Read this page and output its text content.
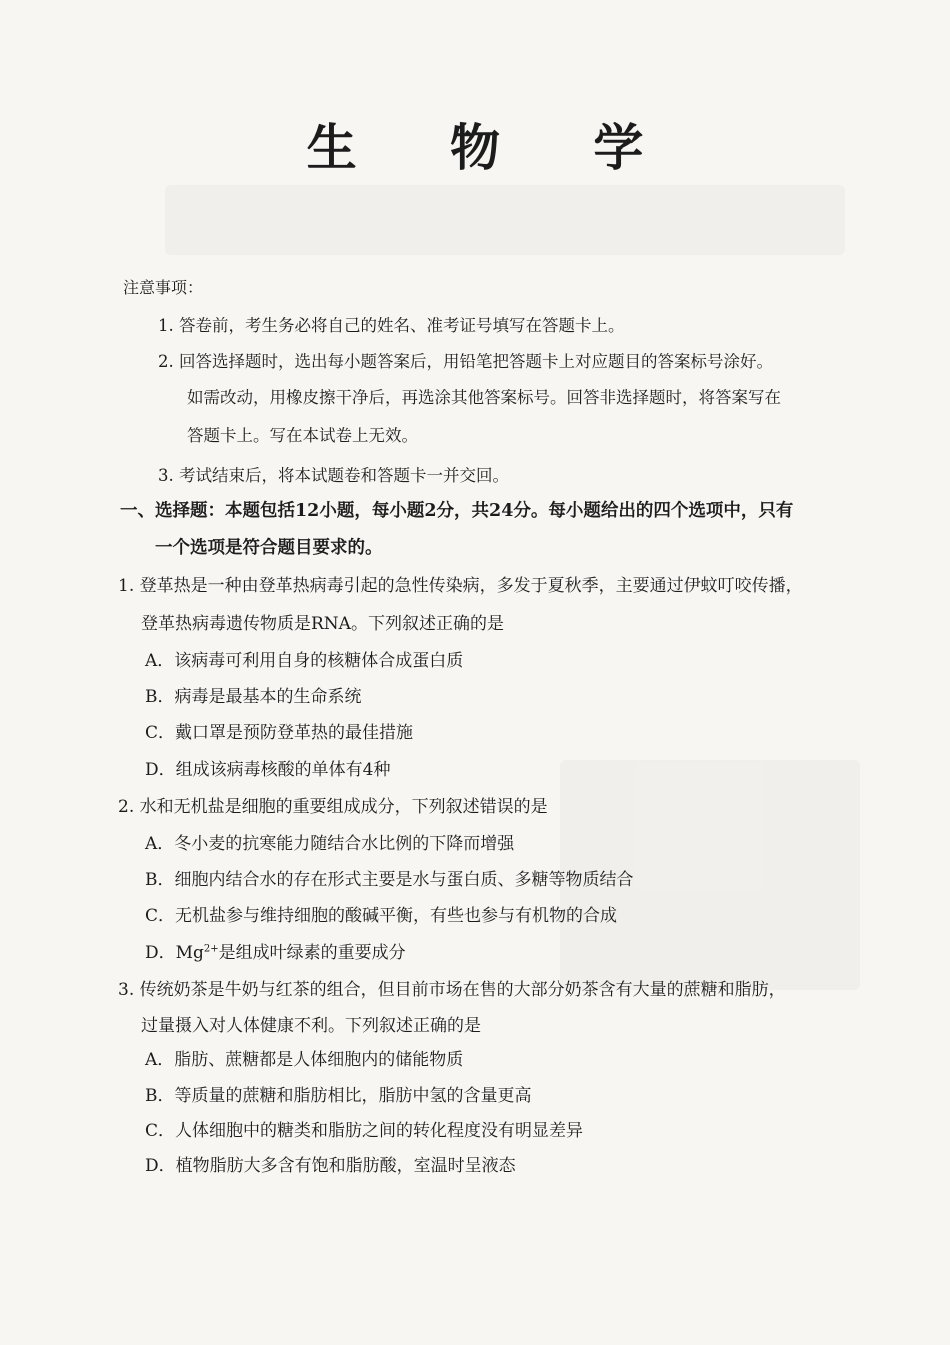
生 物 学
注意事项：
1. 答卷前，考生务必将自己的姓名、准考证号填写在答题卡上。
2. 回答选择题时，选出每小题答案后，用铅笔把答题卡上对应题目的答案标号涂好。
如需改动，用橡皮擦干净后，再选涂其他答案标号。回答非选择题时，将答案写在
答题卡上。写在本试卷上无效。
3. 考试结束后，将本试题卷和答题卡一并交回。
一、选择题：本题包括12小题，每小题2分，共24分。每小题给出的四个选项中，只有
一个选项是符合题目要求的。
1. 登革热是一种由登革热病毒引起的急性传染病，多发于夏秋季，主要通过伊蚊叮咬传播，
登革热病毒遗传物质是RNA。下列叙述正确的是
A．该病毒可利用自身的核糖体合成蛋白质
B．病毒是最基本的生命系统
C．戴口罩是预防登革热的最佳措施
D．组成该病毒核酸的单体有4种
2. 水和无机盐是细胞的重要组成成分，下列叙述错误的是
A．冬小麦的抗寒能力随结合水比例的下降而增强
B．细胞内结合水的存在形式主要是水与蛋白质、多糖等物质结合
C．无机盐参与维持细胞的酸碱平衡，有些也参与有机物的合成
D．$Mg^{2+}$是组成叶绿素的重要成分
3. 传统奶茶是牛奶与红茶的组合，但目前市场在售的大部分奶茶含有大量的蔗糖和脂肪，
过量摄入对人体健康不利。下列叙述正确的是
A．脂肪、蔗糖都是人体细胞内的储能物质
B．等质量的蔗糖和脂肪相比，脂肪中氢的含量更高
C．人体细胞中的糖类和脂肪之间的转化程度没有明显差异
D．植物脂肪大多含有饱和脂肪酸，室温时呈液态
